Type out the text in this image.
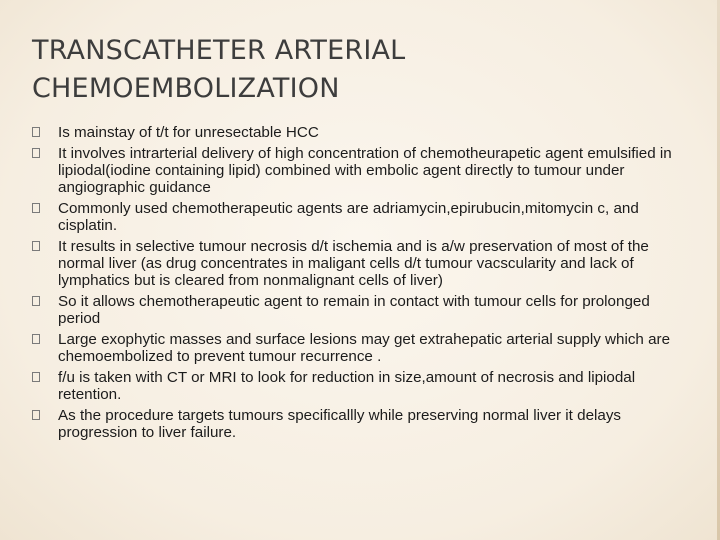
TRANSCATHETER ARTERIAL
CHEMOEMBOLIZATION
Is mainstay of t/t for unresectable HCC
It involves intrarterial delivery of high concentration of chemotheurapetic agent emulsified in lipiodal(iodine containing lipid) combined with embolic agent directly to tumour under angiographic guidance
Commonly used chemotherapeutic agents are adriamycin,epirubucin,mitomycin c, and cisplatin.
It results in selective tumour necrosis d/t ischemia and is a/w preservation of most of the normal liver (as drug concentrates in maligant cells d/t tumour vacscularity and lack of lymphatics but is cleared from nonmalignant cells of liver)
So it allows chemotherapeutic agent to remain in contact with tumour cells for prolonged period
Large exophytic masses and surface lesions may get extrahepatic arterial supply which are chemoembolized to prevent tumour recurrence .
f/u is taken with CT or MRI to look for reduction in size,amount of necrosis and lipiodal retention.
As the procedure targets tumours specificallly while preserving normal liver it delays progression to liver failure.
